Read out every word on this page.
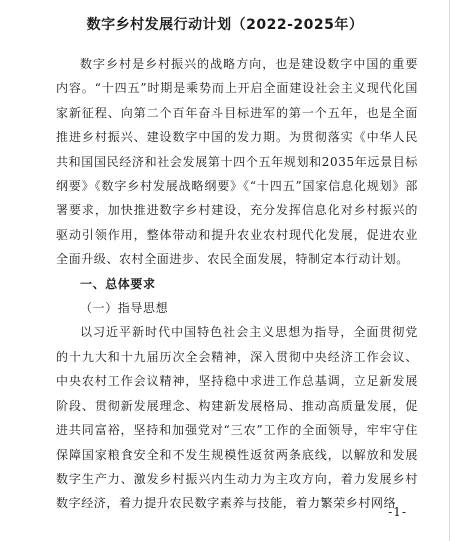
数字乡村发展行动计划（2022-2025年）

数字乡村是乡村振兴的战略方向，也是建设数字中国的重要内容。“十四五”时期是乘势而上开启全面建设社会主义现代化国家新征程、向第二个百年奋斗目标进军的第一个五年，也是全面推进乡村振兴、建设数字中国的发力期。为贯彻落实《中华人民共和国国民经济和社会发展第十四个五年规划和2035年远景目标纲要》《数字乡村发展战略纲要》《“十四五”国家信息化规划》部署要求，加快推进数字乡村建设，充分发挥信息化对乡村振兴的驱动引领作用，整体带动和提升农业农村现代化发展，促进农业全面升级、农村全面进步、农民全面发展，特制定本行动计划。

一、总体要求

（一）指导思想

以习近平新时代中国特色社会主义思想为指导，全面贯彻党的十九大和十九届历次全会精神，深入贯彻中央经济工作会议、中央农村工作会议精神，坚持稳中求进工作总基调，立足新发展阶段、贯彻新发展理念、构建新发展格局、推动高质量发展，促进共同富裕，坚持和加强党对“三农”工作的全面领导，牢牢守住保障国家粮食安全和不发生规模性返贫两条底线，以解放和发展数字生产力、激发乡村振兴内生动力为主攻方向，着力发展乡村数字经济，着力提升农民数字素养与技能，着力繁荣乡村网络

-1-
